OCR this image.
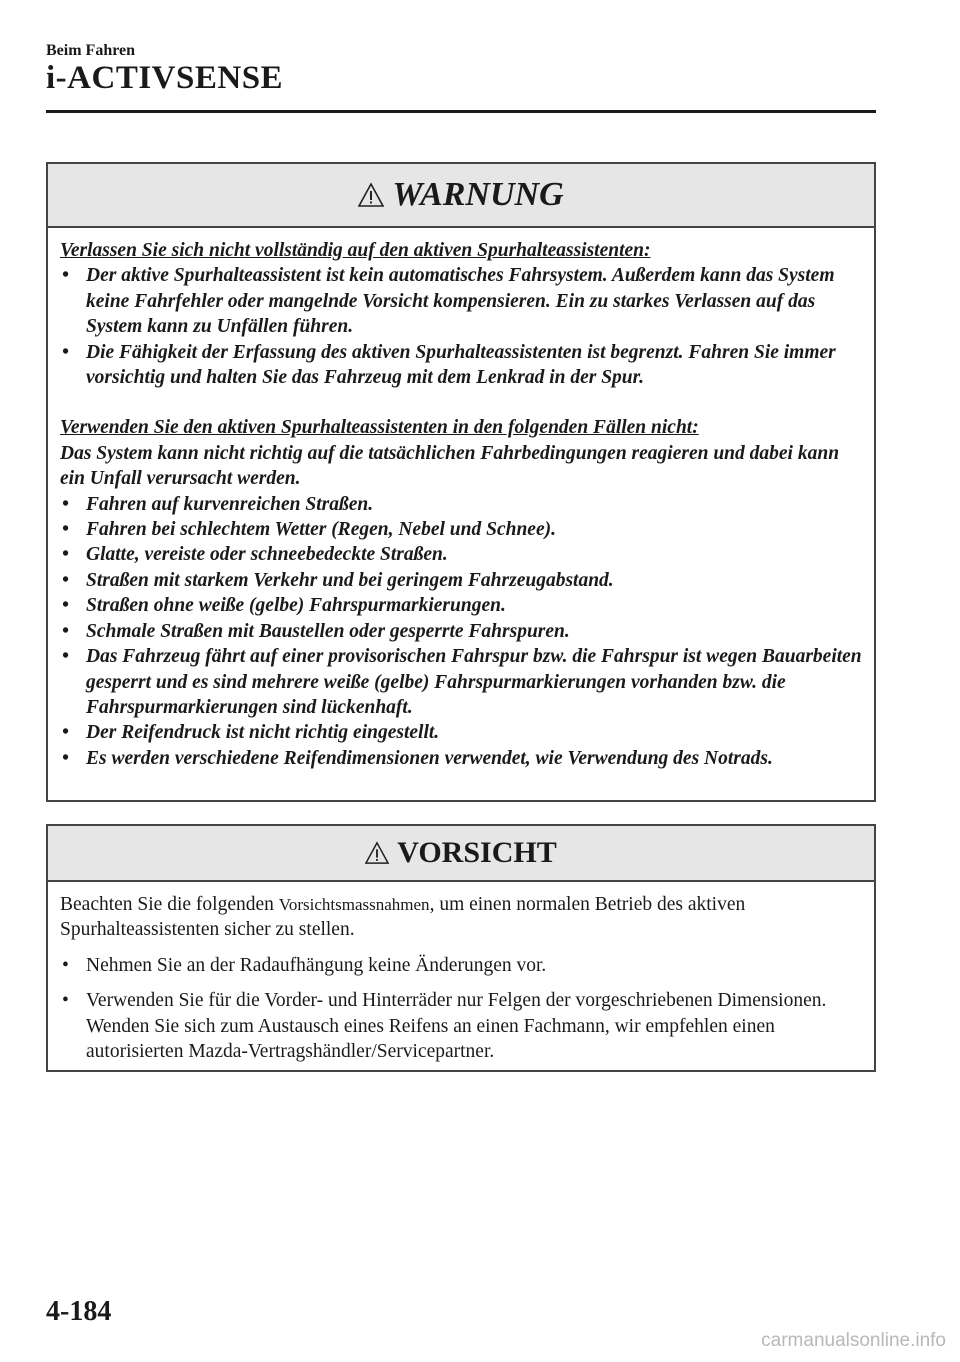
Beim Fahren
i-ACTIVSENSE
WARNUNG
Verlassen Sie sich nicht vollständig auf den aktiven Spurhalteassistenten:
• Der aktive Spurhalteassistent ist kein automatisches Fahrsystem. Außerdem kann das System keine Fahrfehler oder mangelnde Vorsicht kompensieren. Ein zu starkes Verlassen auf das System kann zu Unfällen führen.
• Die Fähigkeit der Erfassung des aktiven Spurhalteassistenten ist begrenzt. Fahren Sie immer vorsichtig und halten Sie das Fahrzeug mit dem Lenkrad in der Spur.
Verwenden Sie den aktiven Spurhalteassistenten in den folgenden Fällen nicht:
Das System kann nicht richtig auf die tatsächlichen Fahrbedingungen reagieren und dabei kann ein Unfall verursacht werden.
• Fahren auf kurvenreichen Straßen.
• Fahren bei schlechtem Wetter (Regen, Nebel und Schnee).
• Glatte, vereiste oder schneebedeckte Straßen.
• Straßen mit starkem Verkehr und bei geringem Fahrzeugabstand.
• Straßen ohne weiße (gelbe) Fahrspurmarkierungen.
• Schmale Straßen mit Baustellen oder gesperrte Fahrspuren.
• Das Fahrzeug fährt auf einer provisorischen Fahrspur bzw. die Fahrspur ist wegen Bauarbeiten gesperrt und es sind mehrere weiße (gelbe) Fahrspurmarkierungen vorhanden bzw. die Fahrspurmarkierungen sind lückenhaft.
• Der Reifendruck ist nicht richtig eingestellt.
• Es werden verschiedene Reifendimensionen verwendet, wie Verwendung des Notrads.
VORSICHT
Beachten Sie die folgenden Vorsichtsmassnahmen, um einen normalen Betrieb des aktiven Spurhalteassistenten sicher zu stellen.
• Nehmen Sie an der Radaufhängung keine Änderungen vor.
• Verwenden Sie für die Vorder- und Hinterräder nur Felgen der vorgeschriebenen Dimensionen. Wenden Sie sich zum Austausch eines Reifens an einen Fachmann, wir empfehlen einen autorisierten Mazda-Vertragshändler/Servicepartner.
4-184
carmanualsonline.info
